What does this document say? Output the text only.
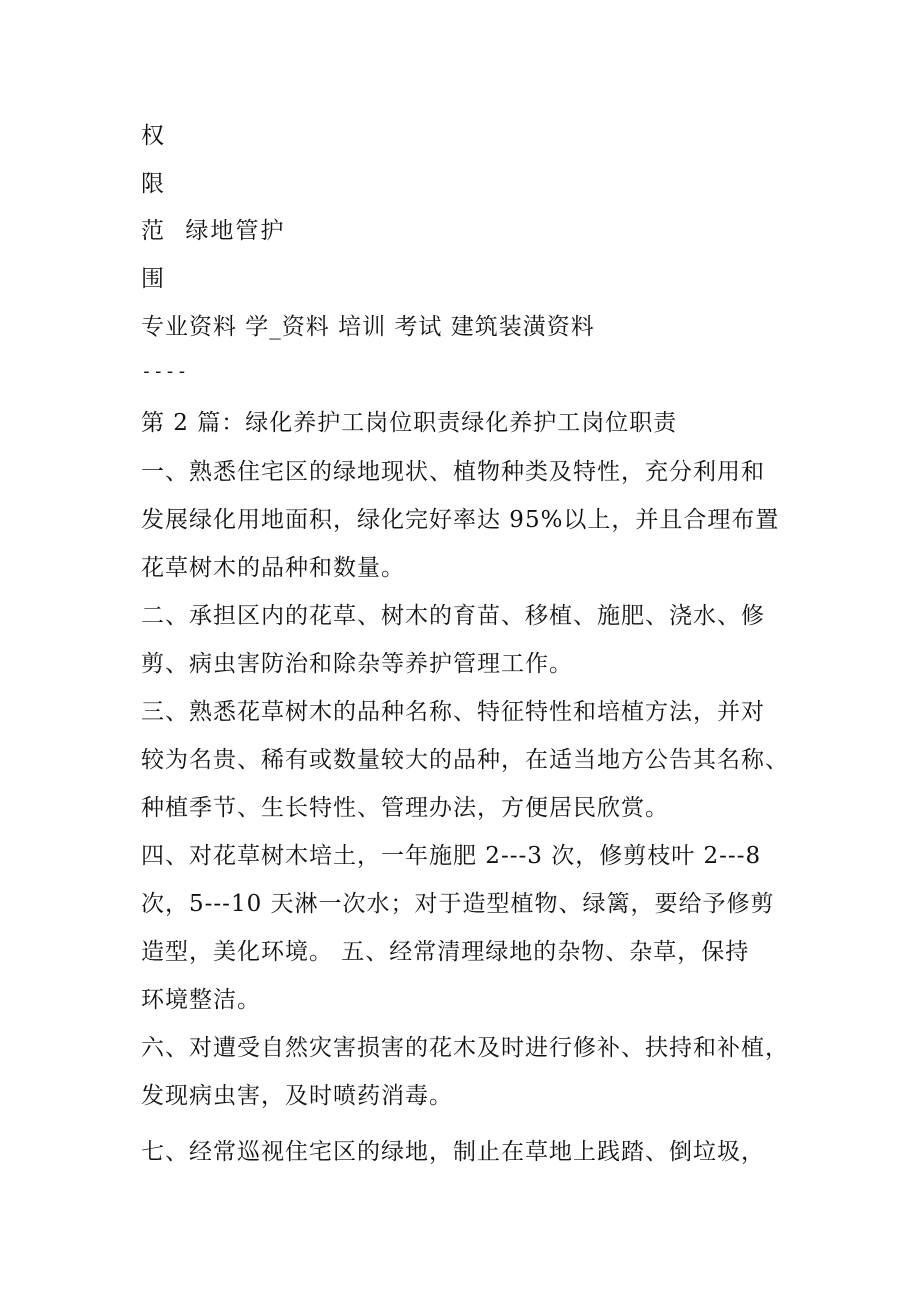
权
限
范 绿地管护
围
专业资料 学_资料 培训 考试 建筑装潢资料
----
第 2 篇：绿化养护工岗位职责绿化养护工岗位职责
一、熟悉住宅区的绿地现状、植物种类及特性，充分利用和
发展绿化用地面积，绿化完好率达 95%以上，并且合理布置
花草树木的品种和数量。
二、承担区内的花草、树木的育苗、移植、施肥、浇水、修
剪、病虫害防治和除杂等养护管理工作。
三、熟悉花草树木的品种名称、特征特性和培植方法，并对
较为名贵、稀有或数量较大的品种，在适当地方公告其名称、
种植季节、生长特性、管理办法，方便居民欣赏。
四、对花草树木培土，一年施肥 2---3 次，修剪枝叶 2---8
次，5---10 天淋一次水；对于造型植物、绿篱，要给予修剪
造型，美化环境。 五、经常清理绿地的杂物、杂草，保持
环境整洁。
六、对遭受自然灾害损害的花木及时进行修补、扶持和补植，
发现病虫害，及时喷药消毒。
七、经常巡视住宅区的绿地，制止在草地上践踏、倒垃圾，
